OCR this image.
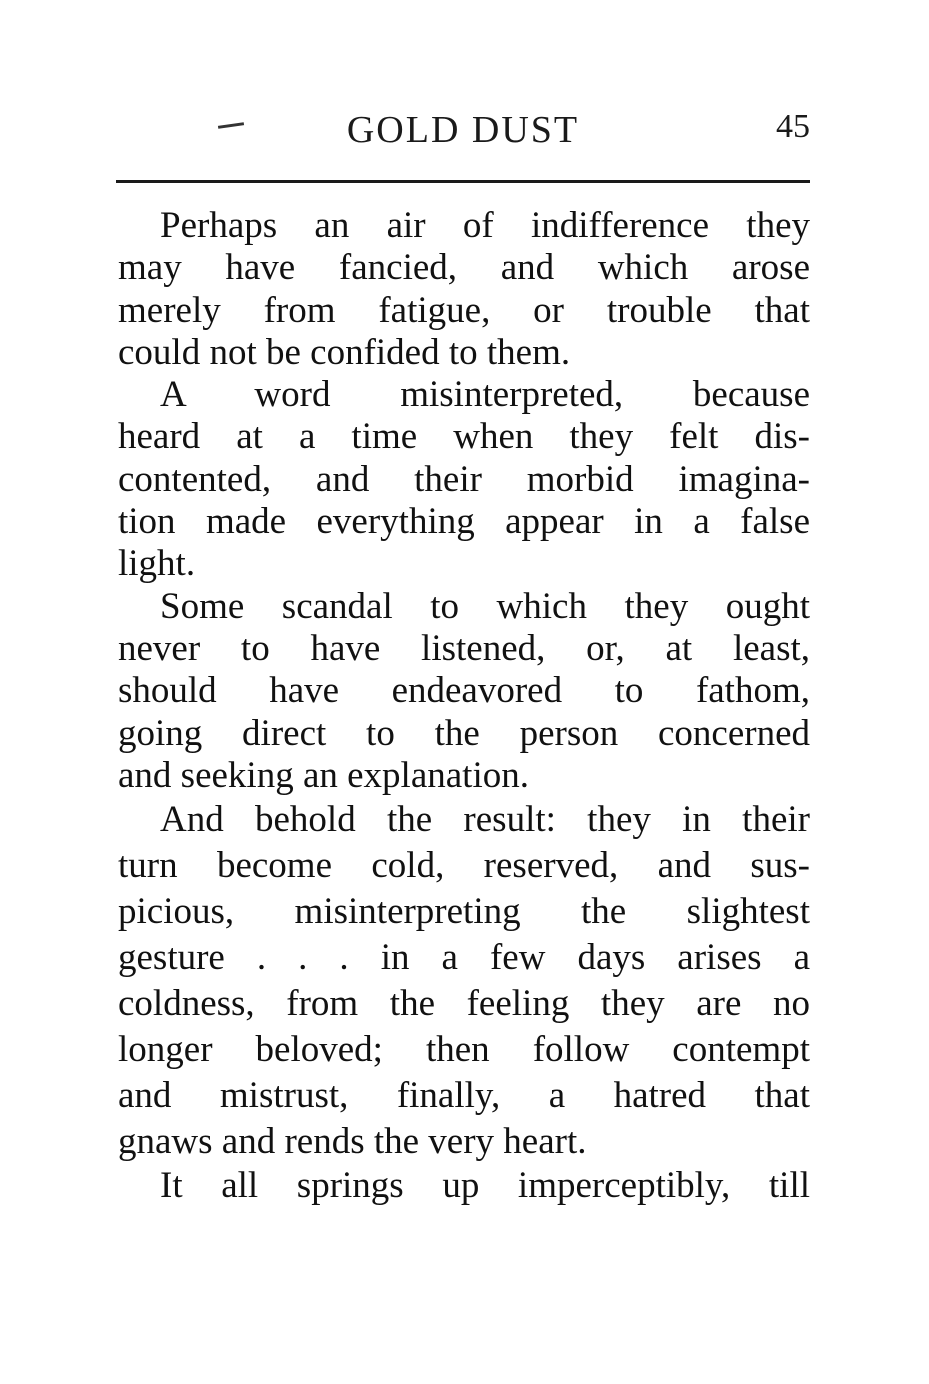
GOLD DUST	45
Perhaps an air of indifference they
may have fancied, and which arose
merely from fatigue, or trouble that
could not be confided to them.
A word misinterpreted, because
heard at a time when they felt dis-
contented, and their morbid imagina-
tion made everything appear in a false
light.
Some scandal to which they ought
never to have listened, or, at least,
should have endeavored to fathom,
going direct to the person concerned
and seeking an explanation.
And behold the result: they in their
turn become cold, reserved, and sus-
picious, misinterpreting the slightest
gesture . . . in a few days arises a
coldness, from the feeling they are no
longer beloved; then follow contempt
and mistrust, finally, a hatred that
gnaws and rends the very heart.
It all springs up imperceptibly, till
